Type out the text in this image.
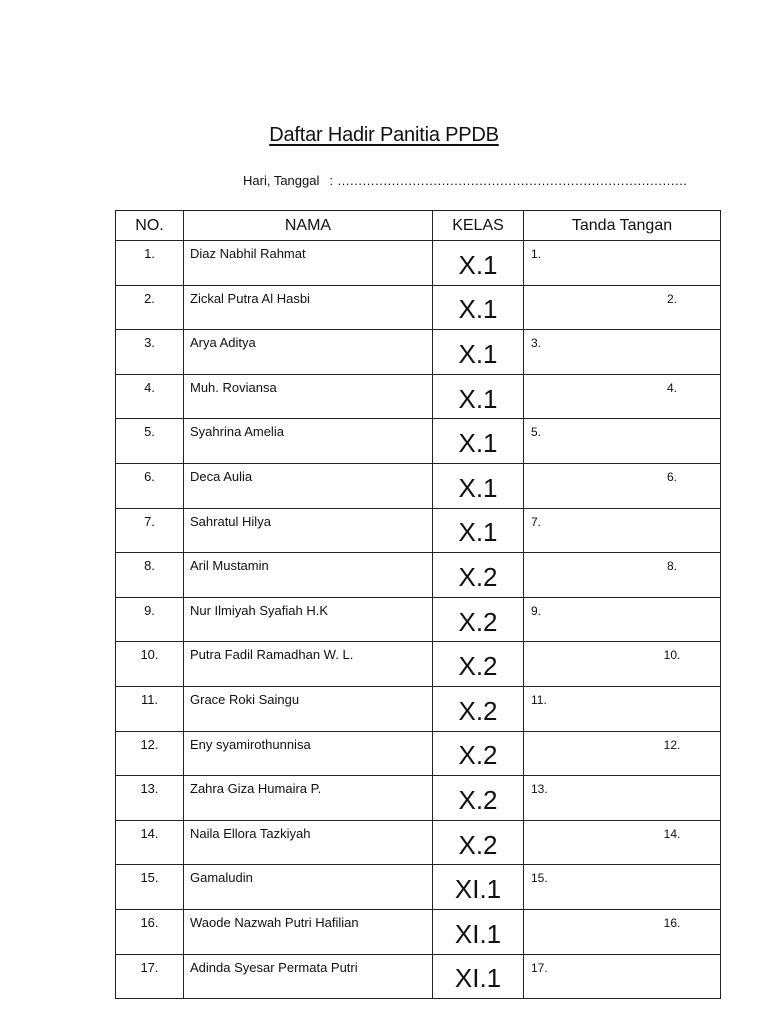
Daftar Hadir Panitia PPDB
Hari, Tanggal : …………………………………………………………………………
NO.	NAMA	KELAS	Tanda Tangan
1.	Diaz Nabhil Rahmat	X.1	1.
2.	Zickal Putra Al Hasbi	X.1	2.
3.	Arya Aditya	X.1	3.
4.	Muh. Roviansa	X.1	4.
5.	Syahrina Amelia	X.1	5.
6.	Deca Aulia	X.1	6.
7.	Sahratul Hilya	X.1	7.
8.	Aril Mustamin	X.2	8.
9.	Nur Ilmiyah Syafiah H.K	X.2	9.
10.	Putra Fadil Ramadhan W. L.	X.2	10.
11.	Grace Roki Saingu	X.2	11.
12.	Eny syamirothunnisa	X.2	12.
13.	Zahra Giza Humaira P.	X.2	13.
14.	Naila Ellora Tazkiyah	X.2	14.
15.	Gamaludin	XI.1	15.
16.	Waode Nazwah Putri Hafilian	XI.1	16.
17.	Adinda Syesar Permata Putri	XI.1	17.
